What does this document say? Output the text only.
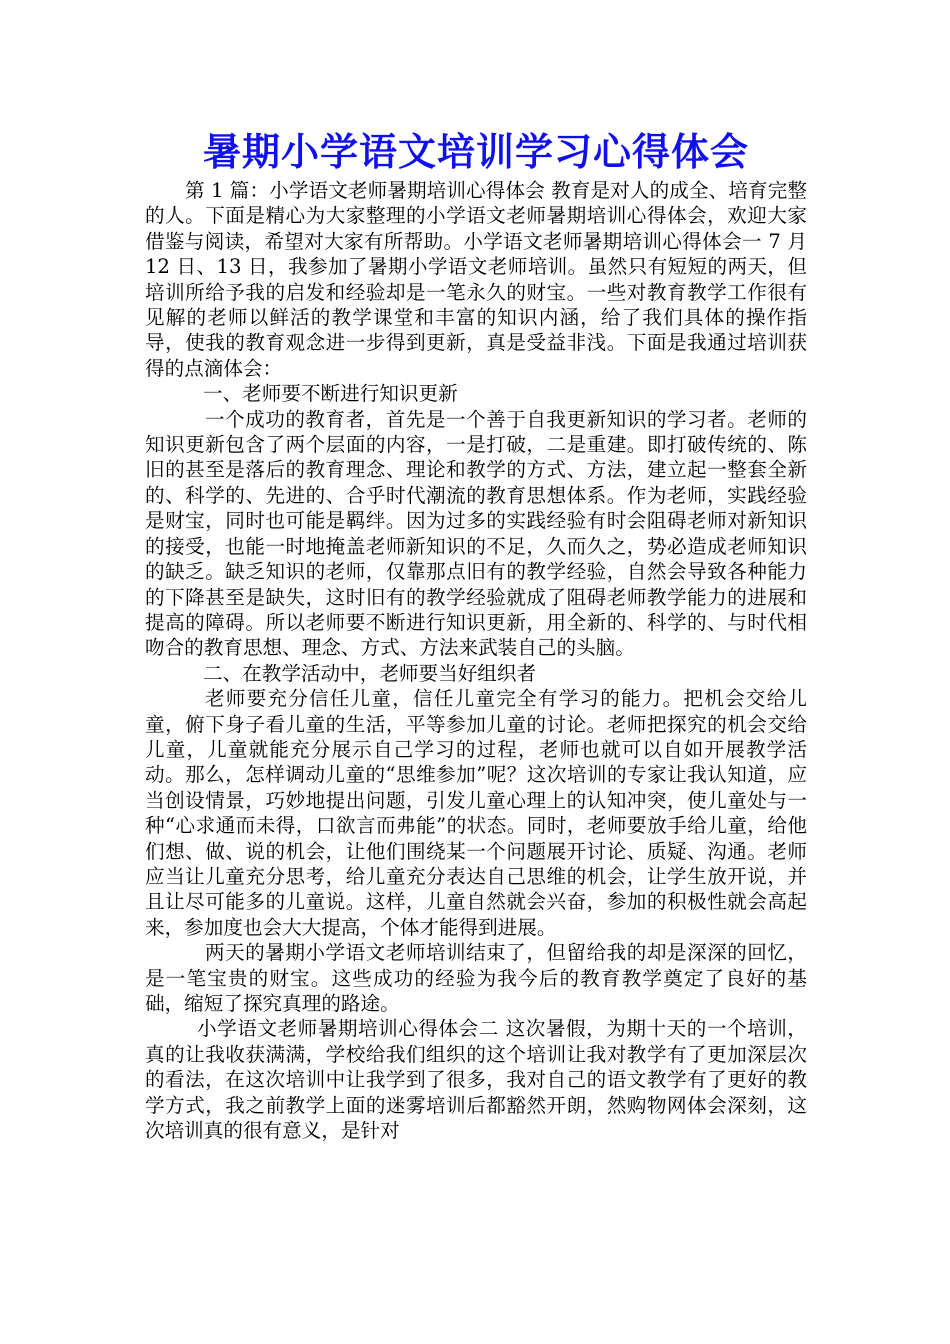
暑期小学语文培训学习心得体会

第 1 篇：小学语文老师暑期培训心得体会 教育是对人的成全、培育完整的人。下面是精心为大家整理的小学语文老师暑期培训心得体会，欢迎大家借鉴与阅读，希望对大家有所帮助。小学语文老师暑期培训心得体会一 7 月 12 日、13 日，我参加了暑期小学语文老师培训。虽然只有短短的两天，但培训所给予我的启发和经验却是一笔永久的财宝。一些对教育教学工作很有见解的老师以鲜活的教学课堂和丰富的知识内涵，给了我们具体的操作指导，使我的教育观念进一步得到更新，真是受益非浅。下面是我通过培训获得的点滴体会：

一、老师要不断进行知识更新

一个成功的教育者，首先是一个善于自我更新知识的学习者。老师的知识更新包含了两个层面的内容，一是打破，二是重建。即打破传统的、陈旧的甚至是落后的教育理念、理论和教学的方式、方法，建立起一整套全新的、科学的、先进的、合乎时代潮流的教育思想体系。作为老师，实践经验是财宝，同时也可能是羁绊。因为过多的实践经验有时会阻碍老师对新知识的接受，也能一时地掩盖老师新知识的不足，久而久之，势必造成老师知识的缺乏。缺乏知识的老师，仅靠那点旧有的教学经验，自然会导致各种能力的下降甚至是缺失，这时旧有的教学经验就成了阻碍老师教学能力的进展和提高的障碍。所以老师要不断进行知识更新，用全新的、科学的、与时代相吻合的教育思想、理念、方式、方法来武装自己的头脑。

二、在教学活动中，老师要当好组织者

老师要充分信任儿童，信任儿童完全有学习的能力。把机会交给儿童，俯下身子看儿童的生活，平等参加儿童的讨论。老师把探究的机会交给儿童，儿童就能充分展示自己学习的过程，老师也就可以自如开展教学活动。那么，怎样调动儿童的“思维参加”呢？这次培训的专家让我认知道，应当创设情景，巧妙地提出问题，引发儿童心理上的认知冲突，使儿童处与一种“心求通而未得，口欲言而弗能”的状态。同时，老师要放手给儿童，给他们想、做、说的机会，让他们围绕某一个问题展开讨论、质疑、沟通。老师应当让儿童充分思考，给儿童充分表达自己思维的机会，让学生放开说，并且让尽可能多的儿童说。这样，儿童自然就会兴奋，参加的积极性就会高起来，参加度也会大大提高，个体才能得到进展。

两天的暑期小学语文老师培训结束了，但留给我的却是深深的回忆，是一笔宝贵的财宝。这些成功的经验为我今后的教育教学奠定了良好的基础，缩短了探究真理的路途。

小学语文老师暑期培训心得体会二 这次暑假，为期十天的一个培训，真的让我收获满满，学校给我们组织的这个培训让我对教学有了更加深层次的看法，在这次培训中让我学到了很多，我对自己的语文教学有了更好的教学方式，我之前教学上面的迷雾培训后都豁然开朗，然购物网体会深刻，这次培训真的很有意义，是针对
